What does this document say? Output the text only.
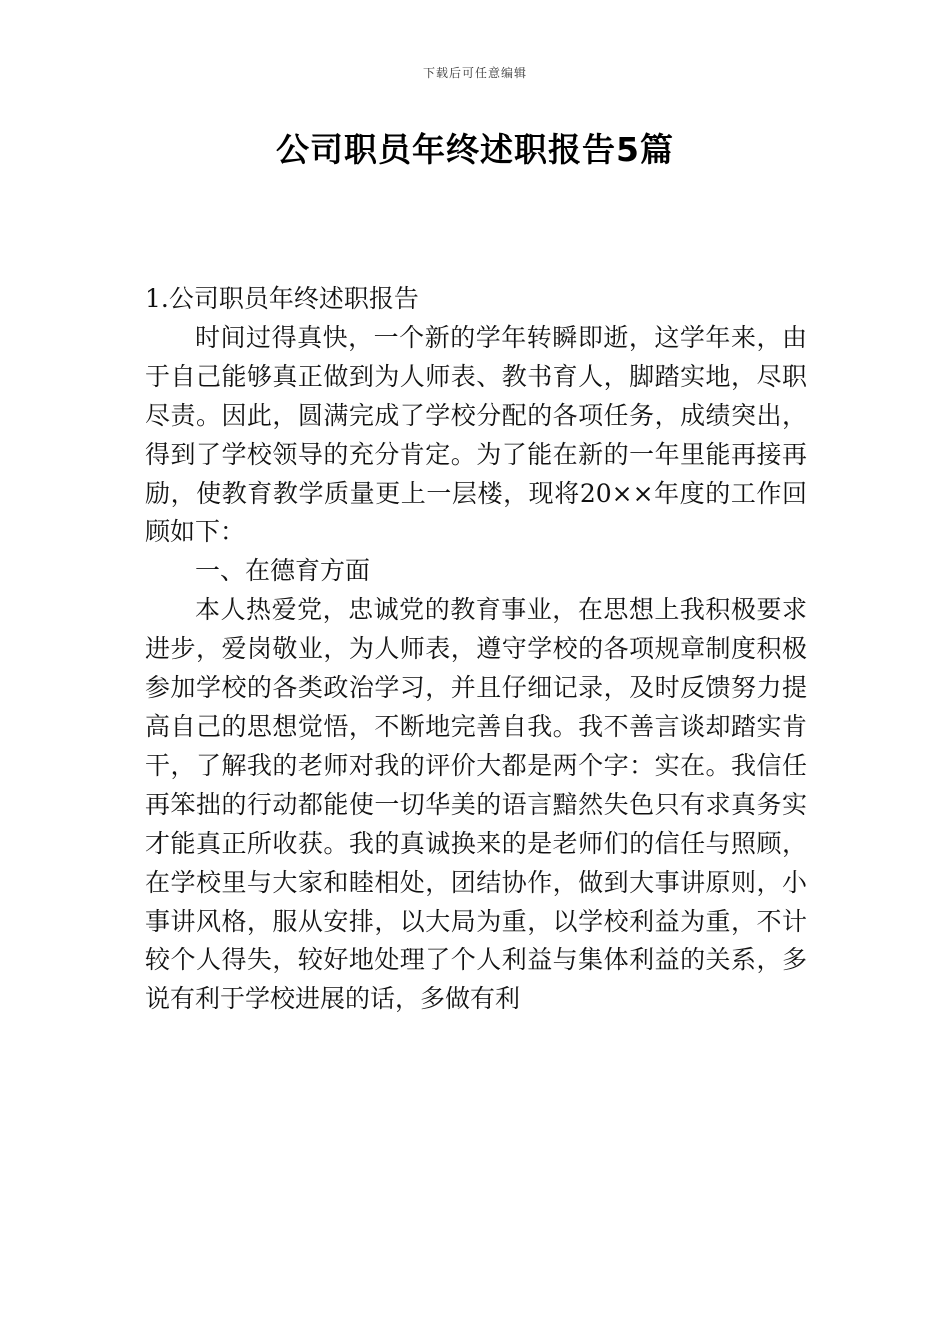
下载后可任意编辑
公司职员年终述职报告5篇

1.公司职员年终述职报告

时间过得真快，一个新的学年转瞬即逝，这学年来，由于自己能够真正做到为人师表、教书育人，脚踏实地，尽职尽责。因此，圆满完成了学校分配的各项任务，成绩突出，得到了学校领导的充分肯定。为了能在新的一年里能再接再励，使教育教学质量更上一层楼，现将20××年度的工作回顾如下：

一、在德育方面

本人热爱党，忠诚党的教育事业，在思想上我积极要求进步，爱岗敬业，为人师表，遵守学校的各项规章制度积极参加学校的各类政治学习，并且仔细记录，及时反馈努力提高自己的思想觉悟，不断地完善自我。我不善言谈却踏实肯干，了解我的老师对我的评价大都是两个字：实在。我信任再笨拙的行动都能使一切华美的语言黯然失色只有求真务实才能真正所收获。我的真诚换来的是老师们的信任与照顾，在学校里与大家和睦相处，团结协作，做到大事讲原则，小事讲风格，服从安排，以大局为重，以学校利益为重，不计较个人得失，较好地处理了个人利益与集体利益的关系，多说有利于学校进展的话，多做有利
